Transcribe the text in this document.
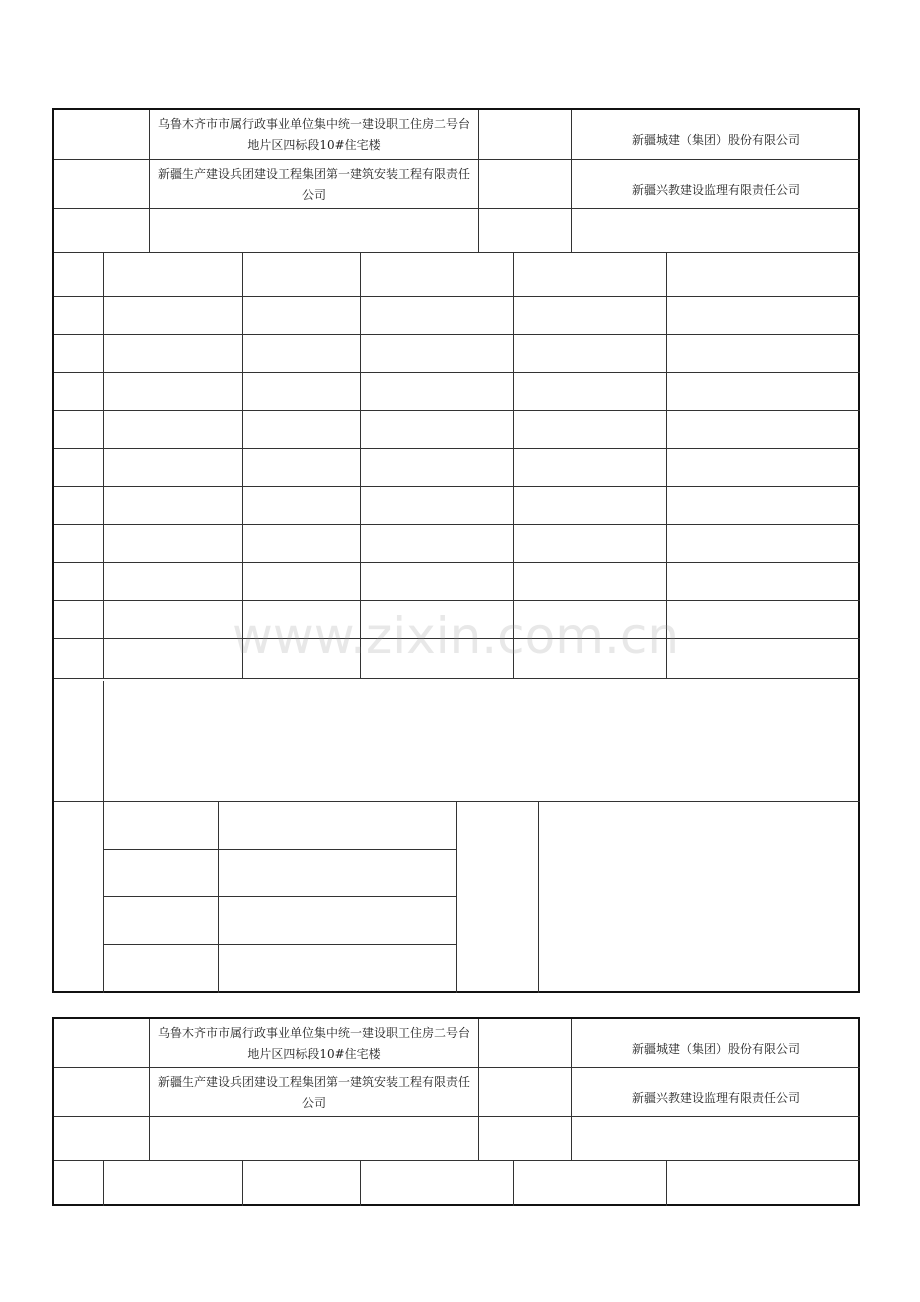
乌鲁木齐市市属行政事业单位集中统一建设职工住房二号台地片区四标段10#住宅楼	新疆城建（集团）股份有限公司
新疆生产建设兵团建设工程集团第一建筑安装工程有限责任公司	新疆兴教建设监理有限责任公司
乌鲁木齐市市属行政事业单位集中统一建设职工住房二号台地片区四标段10#住宅楼	新疆城建（集团）股份有限公司
新疆生产建设兵团建设工程集团第一建筑安装工程有限责任公司	新疆兴教建设监理有限责任公司
www.zixin.com.cn
